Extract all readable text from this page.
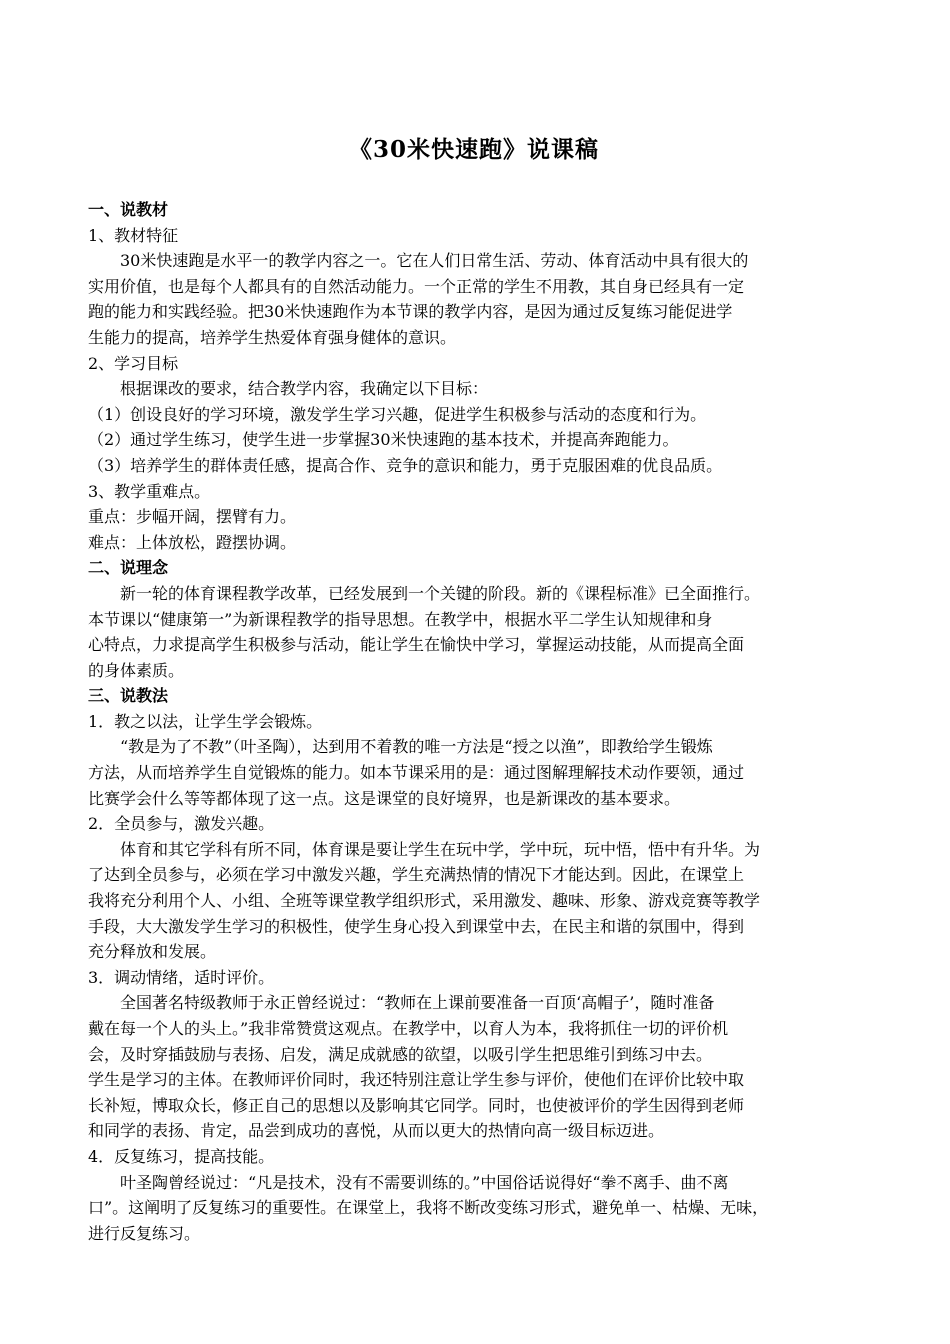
《30米快速跑》说课稿

一、说教材

1、教材特征

30米快速跑是水平一的教学内容之一。它在人们日常生活、劳动、体育活动中具有很大的

实用价值，也是每个人都具有的自然活动能力。一个正常的学生不用教，其自身已经具有一定

跑的能力和实践经验。把30米快速跑作为本节课的教学内容，是因为通过反复练习能促进学

生能力的提高，培养学生热爱体育强身健体的意识。

2、学习目标

根据课改的要求，结合教学内容，我确定以下目标：

（1）创设良好的学习环境，激发学生学习兴趣，促进学生积极参与活动的态度和行为。

（2）通过学生练习，使学生进一步掌握30米快速跑的基本技术，并提高奔跑能力。

（3）培养学生的群体责任感，提高合作、竞争的意识和能力，勇于克服困难的优良品质。

3、教学重难点。

重点：步幅开阔，摆臂有力。

难点：上体放松，蹬摆协调。

二、说理念

新一轮的体育课程教学改革，已经发展到一个关键的阶段。新的《课程标准》已全面推行。

本节课以“健康第一”为新课程教学的指导思想。在教学中，根据水平二学生认知规律和身

心特点，力求提高学生积极参与活动，能让学生在愉快中学习，掌握运动技能，从而提高全面

的身体素质。

三、说教法

1．教之以法，让学生学会锻炼。

“教是为了不教”（叶圣陶），达到用不着教的唯一方法是“授之以渔”，即教给学生锻炼

方法，从而培养学生自觉锻炼的能力。如本节课采用的是：通过图解理解技术动作要领，通过

比赛学会什么等等都体现了这一点。这是课堂的良好境界，也是新课改的基本要求。

2．全员参与，激发兴趣。

体育和其它学科有所不同，体育课是要让学生在玩中学，学中玩，玩中悟，悟中有升华。为

了达到全员参与，必须在学习中激发兴趣，学生充满热情的情况下才能达到。因此，在课堂上

我将充分利用个人、小组、全班等课堂教学组织形式，采用激发、趣味、形象、游戏竞赛等教学

手段，大大激发学生学习的积极性，使学生身心投入到课堂中去，在民主和谐的氛围中，得到

充分释放和发展。

3．调动情绪，适时评价。

全国著名特级教师于永正曾经说过：“教师在上课前要准备一百顶‘高帽子’，随时准备

戴在每一个人的头上。”我非常赞赏这观点。在教学中，以育人为本，我将抓住一切的评价机

会，及时穿插鼓励与表扬、启发，满足成就感的欲望，以吸引学生把思维引到练习中去。

学生是学习的主体。在教师评价同时，我还特别注意让学生参与评价，使他们在评价比较中取

长补短，博取众长，修正自己的思想以及影响其它同学。同时，也使被评价的学生因得到老师

和同学的表扬、肯定，品尝到成功的喜悦，从而以更大的热情向高一级目标迈进。

4．反复练习，提高技能。

叶圣陶曾经说过：“凡是技术，没有不需要训练的。”中国俗话说得好“拳不离手、曲不离

口”。这阐明了反复练习的重要性。在课堂上，我将不断改变练习形式，避免单一、枯燥、无味，

进行反复练习。
